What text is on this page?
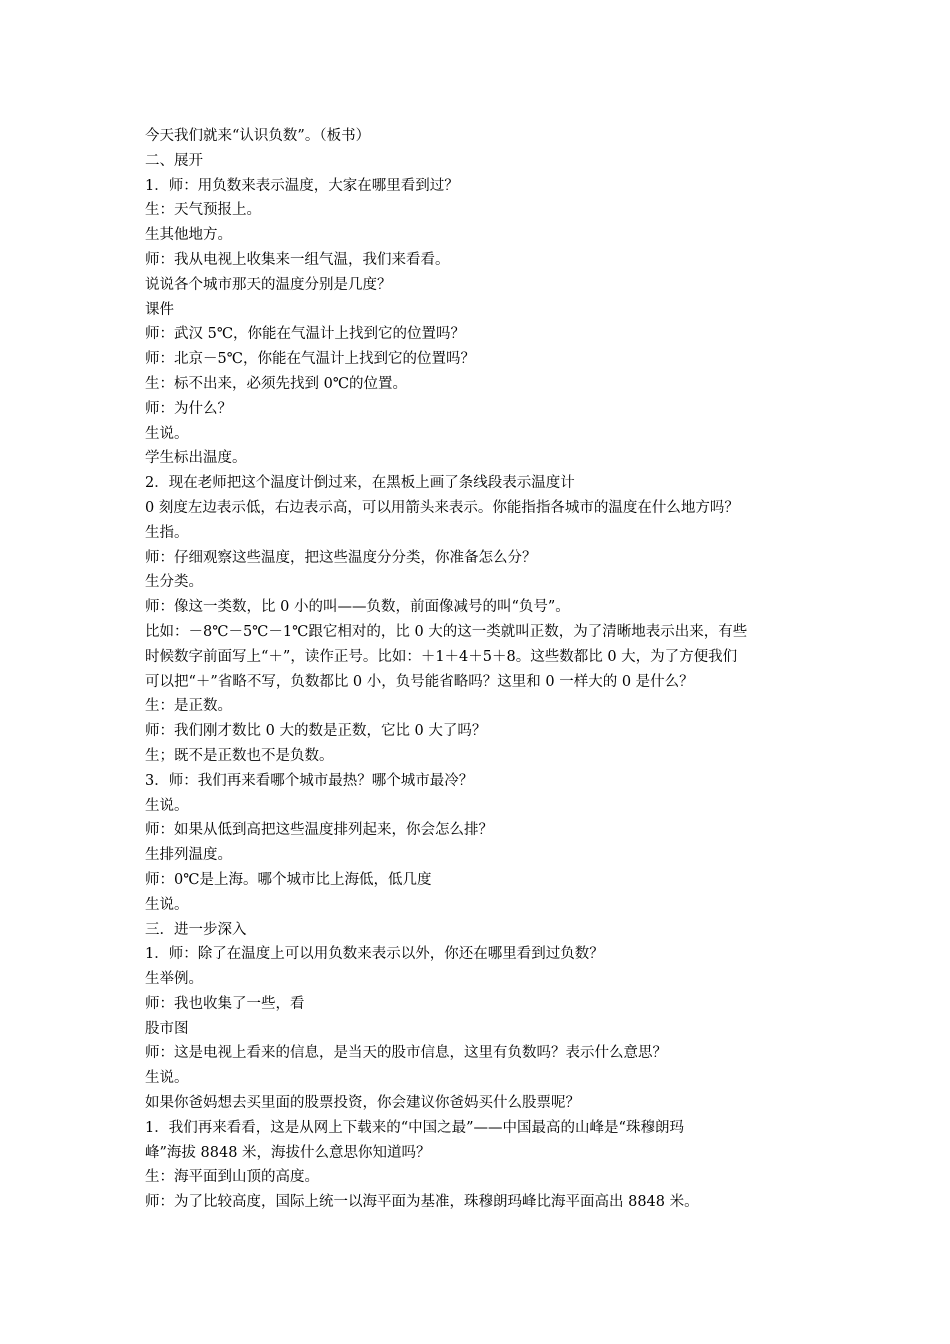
今天我们就来“认识负数”。（板书）
二、展开
1．师：用负数来表示温度，大家在哪里看到过？
生：天气预报上。
生其他地方。
师：我从电视上收集来一组气温，我们来看看。
说说各个城市那天的温度分别是几度？
课件
师：武汉 5℃，你能在气温计上找到它的位置吗？
师：北京－5℃，你能在气温计上找到它的位置吗？
生：标不出来，必须先找到 0℃的位置。
师：为什么？
生说。
学生标出温度。
2．现在老师把这个温度计倒过来，在黑板上画了条线段表示温度计
0 刻度左边表示低，右边表示高，可以用箭头来表示。你能指指各城市的温度在什么地方吗？
生指。
师：仔细观察这些温度，把这些温度分分类，你准备怎么分？
生分类。
师：像这一类数，比 0 小的叫——负数，前面像减号的叫“负号”。
比如：－8℃－5℃－1℃跟它相对的，比 0 大的这一类就叫正数，为了清晰地表示出来，有些
时候数字前面写上“＋”，读作正号。比如：＋1＋4＋5＋8。这些数都比 0 大，为了方便我们
可以把“＋”省略不写，负数都比 0 小，负号能省略吗？这里和 0 一样大的 0 是什么？
生：是正数。
师：我们刚才数比 0 大的数是正数，它比 0 大了吗？
生；既不是正数也不是负数。
3．师：我们再来看哪个城市最热？哪个城市最冷？
生说。
师：如果从低到高把这些温度排列起来，你会怎么排？
生排列温度。
师：0℃是上海。哪个城市比上海低，低几度
生说。
三．进一步深入
1．师：除了在温度上可以用负数来表示以外，你还在哪里看到过负数？
生举例。
师：我也收集了一些，看
股市图
师：这是电视上看来的信息，是当天的股市信息，这里有负数吗？表示什么意思？
生说。
如果你爸妈想去买里面的股票投资，你会建议你爸妈买什么股票呢？
1．我们再来看看，这是从网上下载来的“中国之最”——中国最高的山峰是“珠穆朗玛
峰”海拔 8848 米，海拔什么意思你知道吗？
生：海平面到山顶的高度。
师：为了比较高度，国际上统一以海平面为基准，珠穆朗玛峰比海平面高出 8848 米。
